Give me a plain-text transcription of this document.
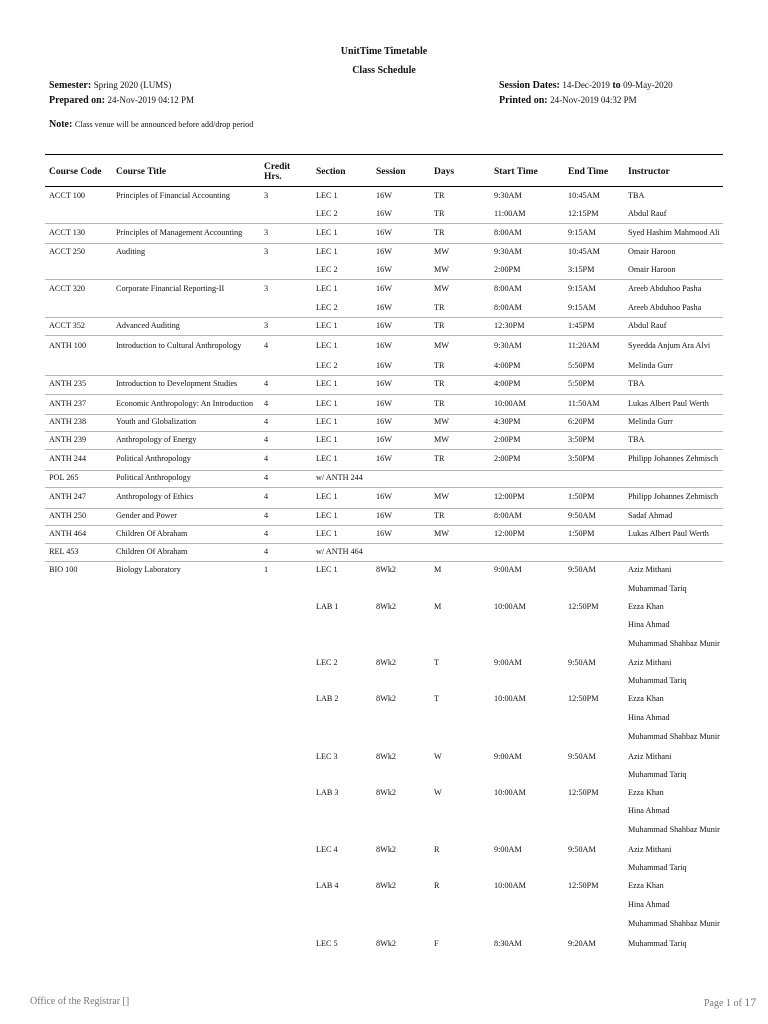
UnitTime Timetable
Class Schedule
Semester: Spring 2020 (LUMS)
Prepared on: 24-Nov-2019 04:12 PM
Session Dates: 14-Dec-2019 to 09-May-2020
Printed on: 24-Nov-2019 04:32 PM
Note: Class venue will be announced before add/drop period
Course Code	Course Title	Credit Hrs.	Section	Session	Days	Start Time	End Time	Instructor
ACCT 100	Principles of Financial Accounting	3	LEC 1	16W	TR	9:30AM	10:45AM	TBA
LEC 2	16W	TR	11:00AM	12:15PM	Abdul Rauf
ACCT 130	Principles of Management Accounting	3	LEC 1	16W	TR	8:00AM	9:15AM	Syed Hashim Mahmood Ali
ACCT 250	Auditing	3	LEC 1	16W	MW	9:30AM	10:45AM	Omair Haroon
LEC 2	16W	MW	2:00PM	3:15PM	Omair Haroon
ACCT 320	Corporate Financial Reporting-II	3	LEC 1	16W	MW	8:00AM	9:15AM	Areeb Abduhoo Pasha
LEC 2	16W	TR	8:00AM	9:15AM	Areeb Abduhoo Pasha
ACCT 352	Advanced Auditing	3	LEC 1	16W	TR	12:30PM	1:45PM	Abdul Rauf
ANTH 100	Introduction to Cultural Anthropology	4	LEC 1	16W	MW	9:30AM	11:20AM	Syeedda Anjum Ara Alvi
LEC 2	16W	TR	4:00PM	5:50PM	Melinda Gurr
ANTH 235	Introduction to Development Studies	4	LEC 1	16W	TR	4:00PM	5:50PM	TBA
ANTH 237	Economic Anthropology: An Introduction	4	LEC 1	16W	TR	10:00AM	11:50AM	Lukas Albert Paul Werth
ANTH 238	Youth and Globalization	4	LEC 1	16W	MW	4:30PM	6:20PM	Melinda Gurr
ANTH 239	Anthropology of Energy	4	LEC 1	16W	MW	2:00PM	3:50PM	TBA
ANTH 244	Political Anthropology	4	LEC 1	16W	TR	2:00PM	3:50PM	Philipp Johannes Zehmisch
POL 265	Political Anthropology	4	w/ ANTH 244
ANTH 247	Anthropology of Ethics	4	LEC 1	16W	MW	12:00PM	1:50PM	Philipp Johannes Zehmisch
ANTH 250	Gender and Power	4	LEC 1	16W	TR	8:00AM	9:50AM	Sadaf Ahmad
ANTH 464	Children Of Abraham	4	LEC 1	16W	MW	12:00PM	1:50PM	Lukas Albert Paul Werth
REL 453	Children Of Abraham	4	w/ ANTH 464
BIO 100	Biology Laboratory	1	LEC 1	8Wk2	M	9:00AM	9:50AM	Aziz Mithani
Muhammad Tariq
LAB 1	8Wk2	M	10:00AM	12:50PM	Ezza Khan
Hina Ahmad
Muhammad Shahbaz Munir
LEC 2	8Wk2	T	9:00AM	9:50AM	Aziz Mithani
Muhammad Tariq
LAB 2	8Wk2	T	10:00AM	12:50PM	Ezza Khan
Hina Ahmad
Muhammad Shahbaz Munir
LEC 3	8Wk2	W	9:00AM	9:50AM	Aziz Mithani
Muhammad Tariq
LAB 3	8Wk2	W	10:00AM	12:50PM	Ezza Khan
Hina Ahmad
Muhammad Shahbaz Munir
LEC 4	8Wk2	R	9:00AM	9:50AM	Aziz Mithani
Muhammad Tariq
LAB 4	8Wk2	R	10:00AM	12:50PM	Ezza Khan
Hina Ahmad
Muhammad Shahbaz Munir
LEC 5	8Wk2	F	8:30AM	9:20AM	Muhammad Tariq
Office of the Registrar []	Page 1 of 17
